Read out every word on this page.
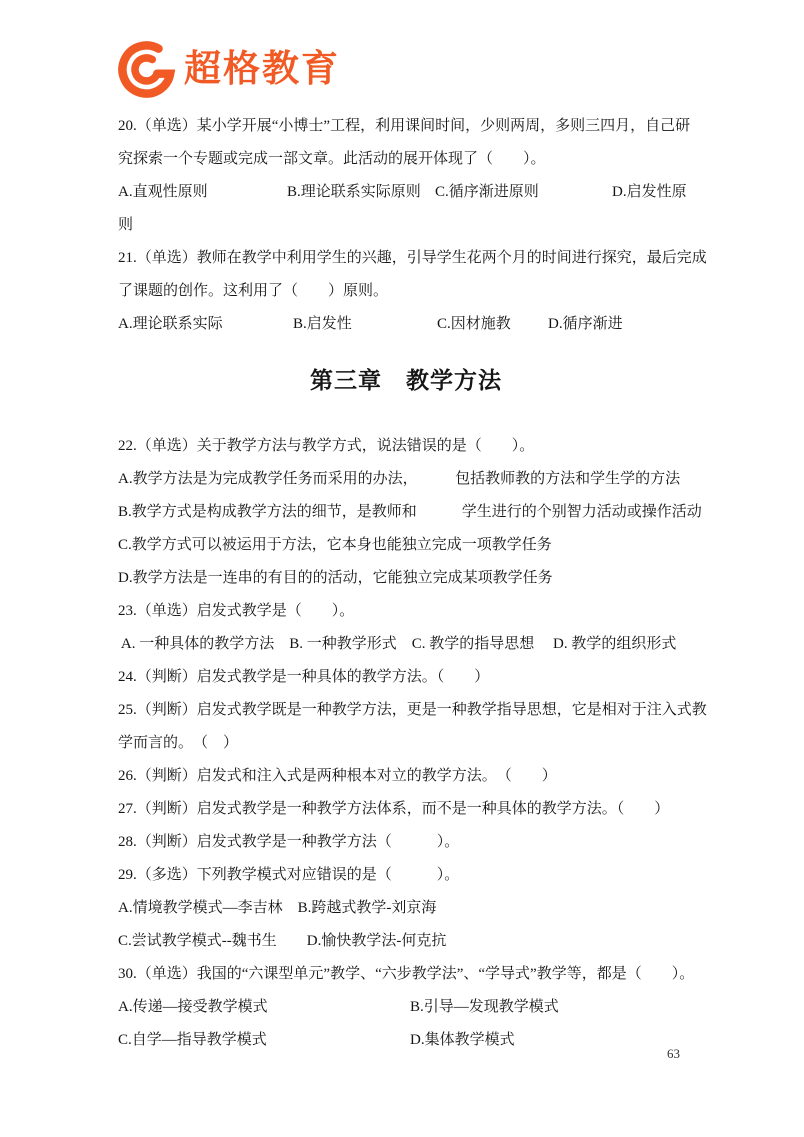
超格教育
20.（单选）某小学开展“小博士”工程，利用课间时间，少则两周，多则三四月，自己研
究探索一个专题或完成一部文章。此活动的展开体现了（　　）。
A.直观性原则	B.理论联系实际原则 C.循序渐进原则	D.启发性原
则
21.（单选）教师在教学中利用学生的兴趣，引导学生花两个月的时间进行探究，最后完成
了课题的创作。这利用了（　　）原则。
A.理论联系实际	B.启发性	C.因材施教 D.循序渐进
第三章　教学方法
22.（单选）关于教学方法与教学方式，说法错误的是（　　）。
A.教学方法是为完成教学任务而采用的办法，　　　包括教师教的方法和学生学的方法
B.教学方式是构成教学方法的细节，是教师和　　　学生进行的个别智力活动或操作活动
C.教学方式可以被运用于方法，它本身也能独立完成一项教学任务
D.教学方法是一连串的有目的的活动，它能独立完成某项教学任务
23.（单选）启发式教学是（　　）。
A. 一种具体的教学方法　B. 一种教学形式　C. 教学的指导思想　 D. 教学的组织形式
24.（判断）启发式教学是一种具体的教学方法。（　　）
25.（判断）启发式教学既是一种教学方法，更是一种教学指导思想，它是相对于注入式教
学而言的。　（　）
26.（判断）启发式和注入式是两种根本对立的教学方法。　（　　）
27.（判断）启发式教学是一种教学方法体系，而不是一种具体的教学方法。（　　）
28.（判断）启发式教学是一种教学方法（　　　）。
29.（多选）下列教学模式对应错误的是（　　　）。
A.情境教学模式—李吉林　B.跨越式教学-刘京海
C.尝试教学模式--魏书生　　D.愉快教学法-何克抗
30.（单选）我国的“六课型单元”教学、“六步教学法”、“学导式”教学等，都是（　　）。
A.传递—接受教学模式	B.引导—发现教学模式
C.自学—指导教学模式	D.集体教学模式
63
